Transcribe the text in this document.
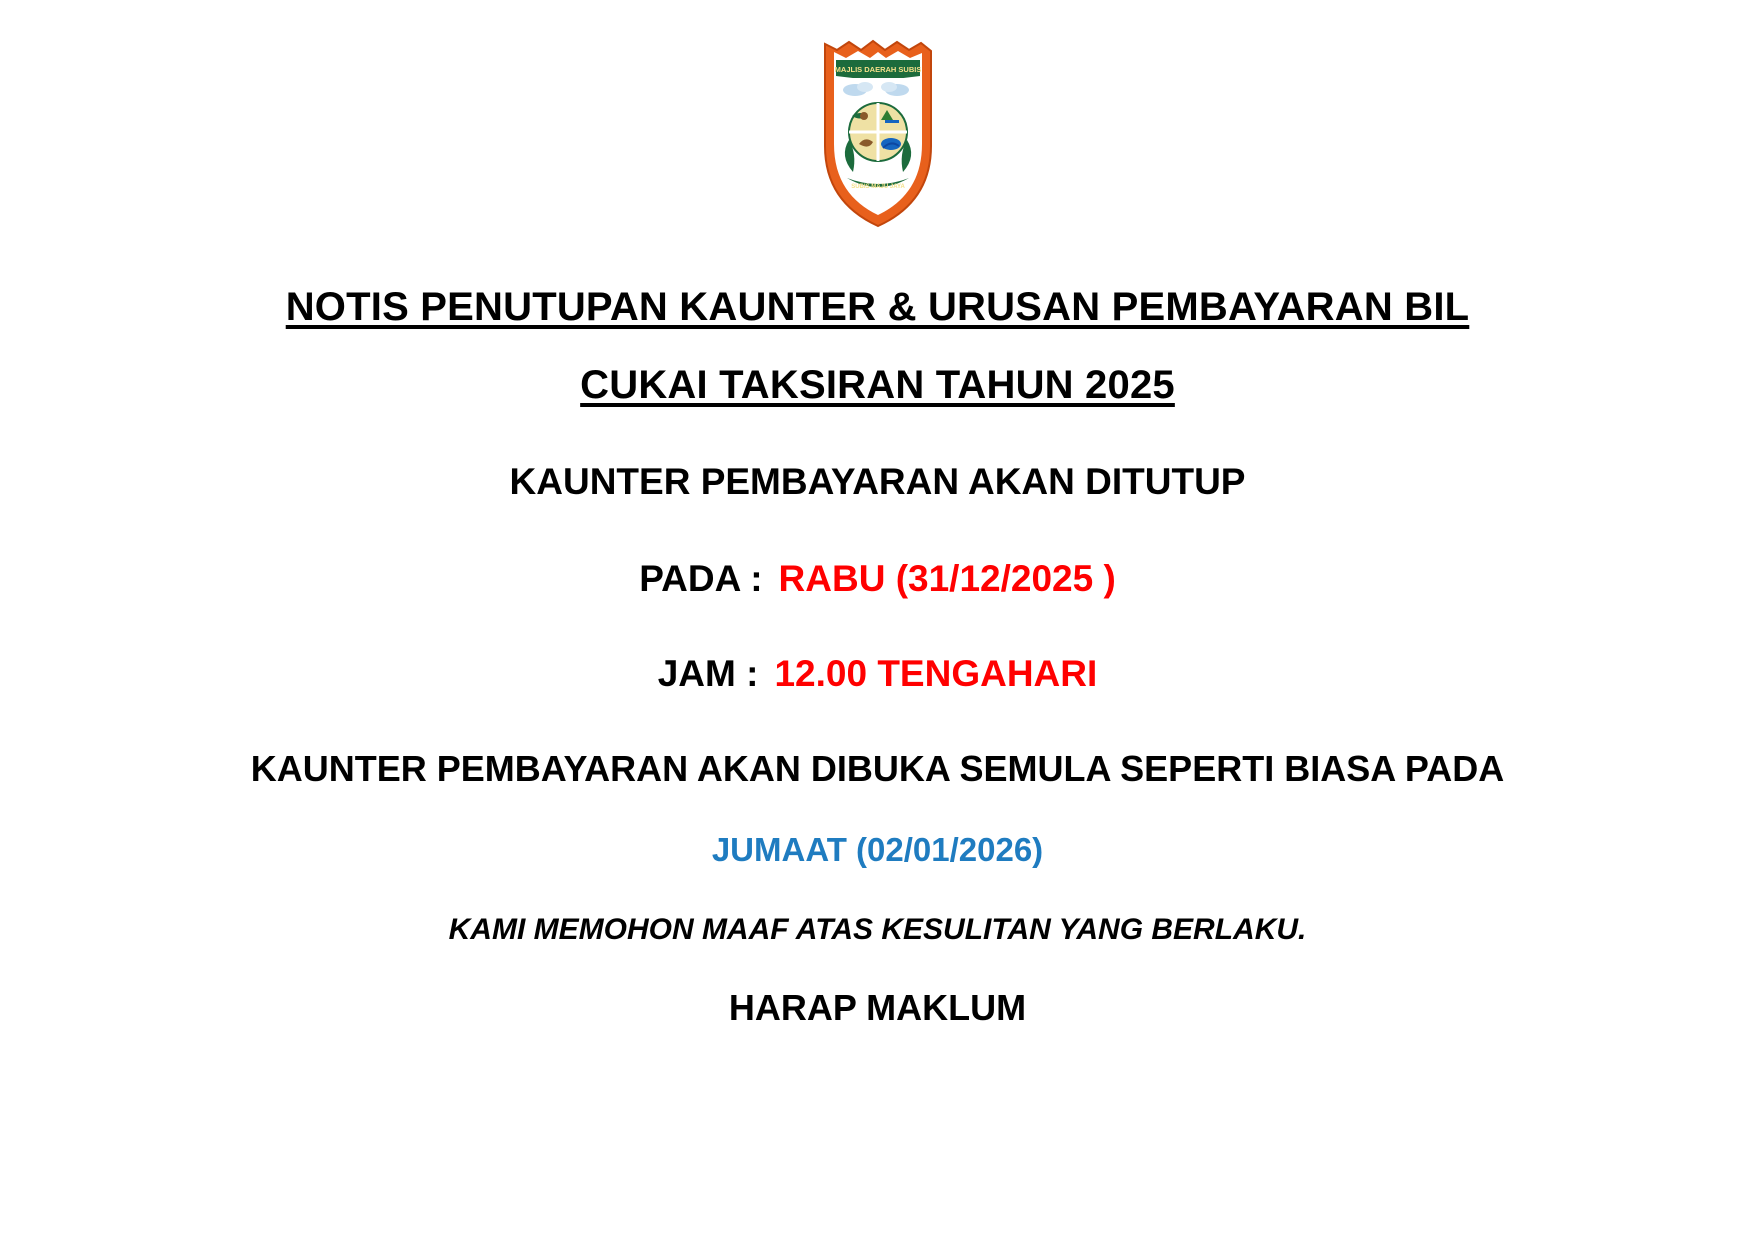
MAJLIS DAERAH SUBIS
SUBIS MAJU JAYA
NOTIS PENUTUPAN KAUNTER & URUSAN PEMBAYARAN BIL
CUKAI TAKSIRAN TAHUN 2025
KAUNTER PEMBAYARAN AKAN DITUTUP
PADA : RABU (31/12/2025 )
JAM : 12.00 TENGAHARI
KAUNTER PEMBAYARAN AKAN DIBUKA SEMULA SEPERTI BIASA PADA
JUMAAT (02/01/2026)
KAMI MEMOHON MAAF ATAS KESULITAN YANG BERLAKU.
HARAP MAKLUM
